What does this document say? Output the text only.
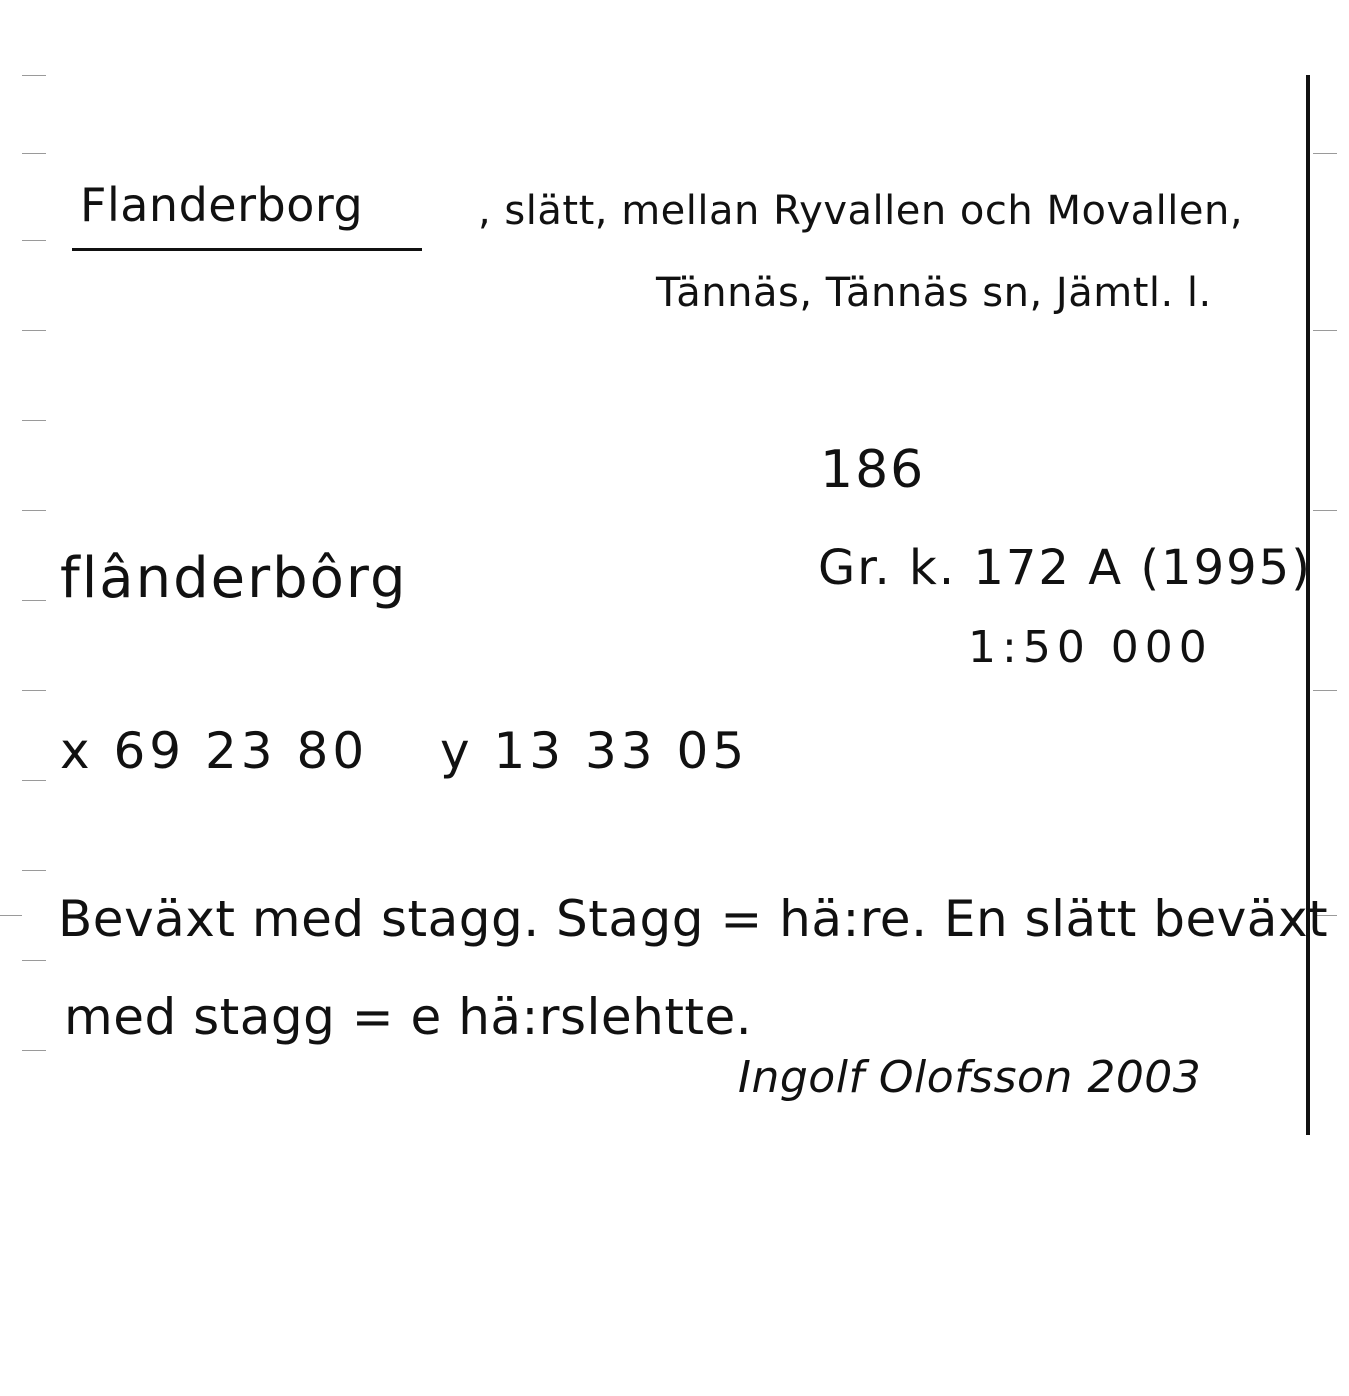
Flanderborg	, slätt, mellan Ryvallen och Movallen,
Tännäs, Tännäs sn, Jämtl. l.
186
Gr. k. 172 A (1995)
1:50 000
flânderbôrg
x 69 23 80 y 13 33 05
Beväxt med stagg. Stagg = hä:re. En slätt beväxt
med stagg = e hä:rslehtte.
Ingolf Olofsson 2003
